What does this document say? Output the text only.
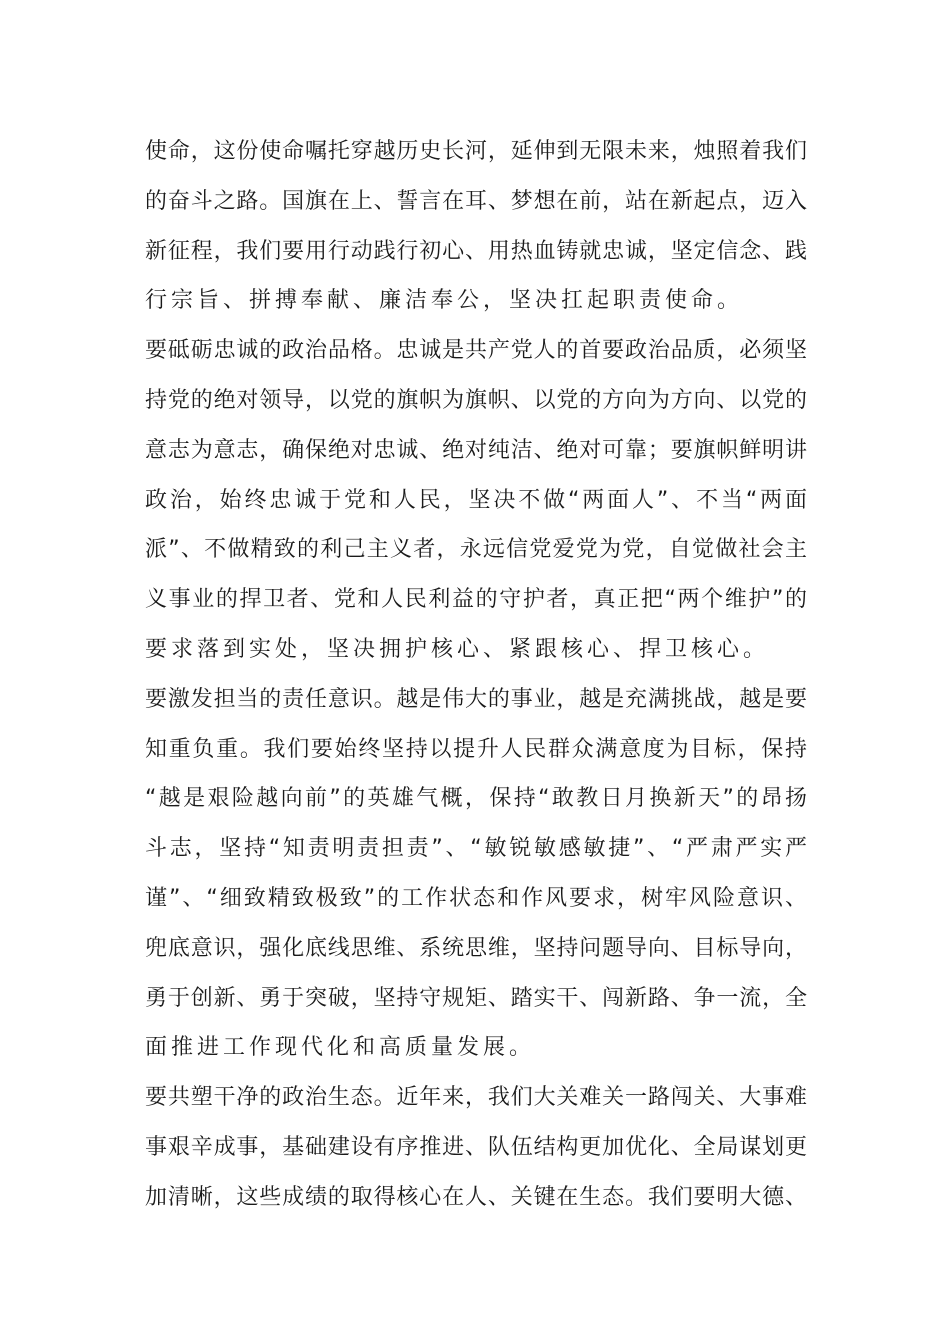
使命，这份使命嘱托穿越历史长河，延伸到无限未来，烛照着我们
的奋斗之路。国旗在上、誓言在耳、梦想在前，站在新起点，迈入
新征程，我们要用行动践行初心、用热血铸就忠诚，坚定信念、践
行宗旨、拼搏奉献、廉洁奉公，坚决扛起职责使命。
要砥砺忠诚的政治品格。忠诚是共产党人的首要政治品质，必须坚
持党的绝对领导，以党的旗帜为旗帜、以党的方向为方向、以党的
意志为意志，确保绝对忠诚、绝对纯洁、绝对可靠；要旗帜鲜明讲
政治，始终忠诚于党和人民，坚决不做“两面人”、不当“两面
派”、不做精致的利己主义者，永远信党爱党为党，自觉做社会主
义事业的捍卫者、党和人民利益的守护者，真正把“两个维护”的
要求落到实处，坚决拥护核心、紧跟核心、捍卫核心。
要激发担当的责任意识。越是伟大的事业，越是充满挑战，越是要
知重负重。我们要始终坚持以提升人民群众满意度为目标，保持
“越是艰险越向前”的英雄气概，保持“敢教日月换新天”的昂扬
斗志，坚持“知责明责担责”、“敏锐敏感敏捷”、“严肃严实严
谨”、“细致精致极致”的工作状态和作风要求，树牢风险意识、
兜底意识，强化底线思维、系统思维，坚持问题导向、目标导向，
勇于创新、勇于突破，坚持守规矩、踏实干、闯新路、争一流，全
面推进工作现代化和高质量发展。
要共塑干净的政治生态。近年来，我们大关难关一路闯关、大事难
事艰辛成事，基础建设有序推进、队伍结构更加优化、全局谋划更
加清晰，这些成绩的取得核心在人、关键在生态。我们要明大德、
